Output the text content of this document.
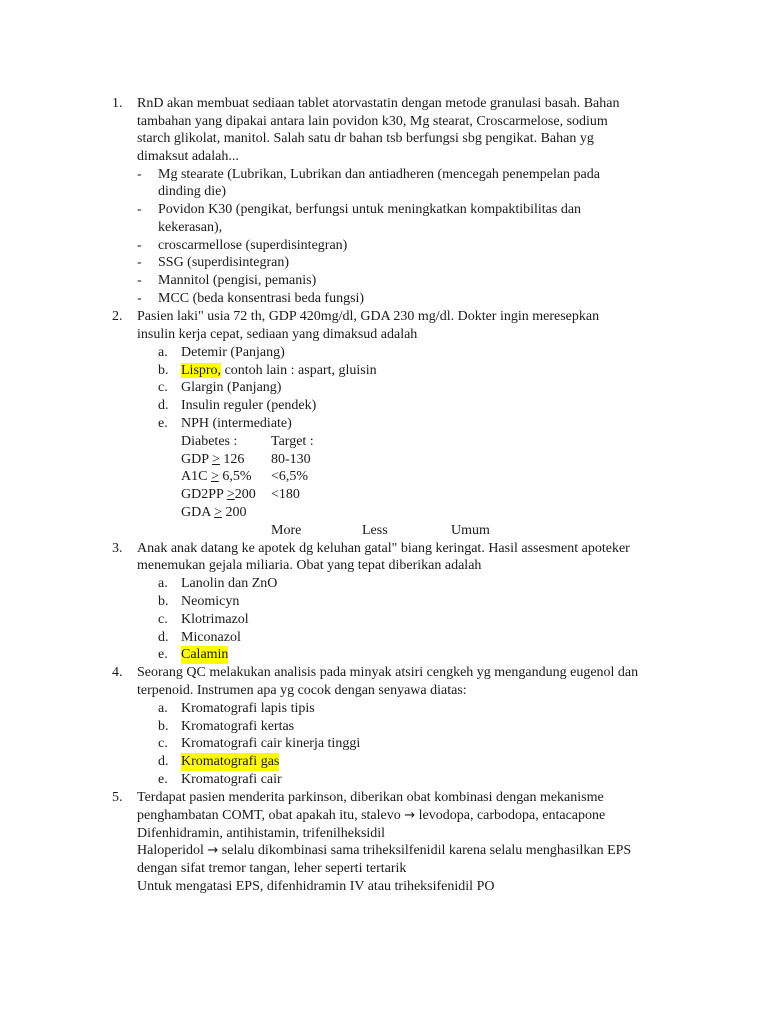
1. RnD akan membuat sediaan tablet atorvastatin dengan metode granulasi basah. Bahan
tambahan yang dipakai antara lain povidon k30, Mg stearat, Croscarmelose, sodium
starch glikolat, manitol. Salah satu dr bahan tsb berfungsi sbg pengikat. Bahan yg
dimaksut adalah...
- Mg stearate (Lubrikan, Lubrikan dan antiadheren (mencegah penempelan pada
dinding die)
- Povidon K30 (pengikat, berfungsi untuk meningkatkan kompaktibilitas dan
kekerasan),
- croscarmellose (superdisintegran)
- SSG (superdisintegran)
- Mannitol (pengisi, pemanis)
- MCC (beda konsentrasi beda fungsi)
2. Pasien laki" usia 72 th, GDP 420mg/dl, GDA 230 mg/dl. Dokter ingin meresepkan
insulin kerja cepat, sediaan yang dimaksud adalah
a. Detemir (Panjang)
b. Lispro, contoh lain : aspart, gluisin
c. Glargin (Panjang)
d. Insulin reguler (pendek)
e. NPH (intermediate)
Diabetes : Target :
GDP > 126 80-130
A1C > 6,5% <6,5%
GD2PP >200 <180
GDA > 200
More	Less	Umum
3. Anak anak datang ke apotek dg keluhan gatal" biang keringat. Hasil assesment apoteker
menemukan gejala miliaria. Obat yang tepat diberikan adalah
a. Lanolin dan ZnO
b. Neomicyn
c. Klotrimazol
d. Miconazol
e. Calamin
4. Seorang QC melakukan analisis pada minyak atsiri cengkeh yg mengandung eugenol dan
terpenoid. Instrumen apa yg cocok dengan senyawa diatas:
a. Kromatografi lapis tipis
b. Kromatografi kertas
c. Kromatografi cair kinerja tinggi
d. Kromatografi gas
e. Kromatografi cair
5. Terdapat pasien menderita parkinson, diberikan obat kombinasi dengan mekanisme
penghambatan COMT, obat apakah itu, stalevo → levodopa, carbodopa, entacapone
Difenhidramin, antihistamin, trifenilheksidil
Haloperidol → selalu dikombinasi sama triheksilfenidil karena selalu menghasilkan EPS
dengan sifat tremor tangan, leher seperti tertarik
Untuk mengatasi EPS, difenhidramin IV atau triheksifenidil PO
